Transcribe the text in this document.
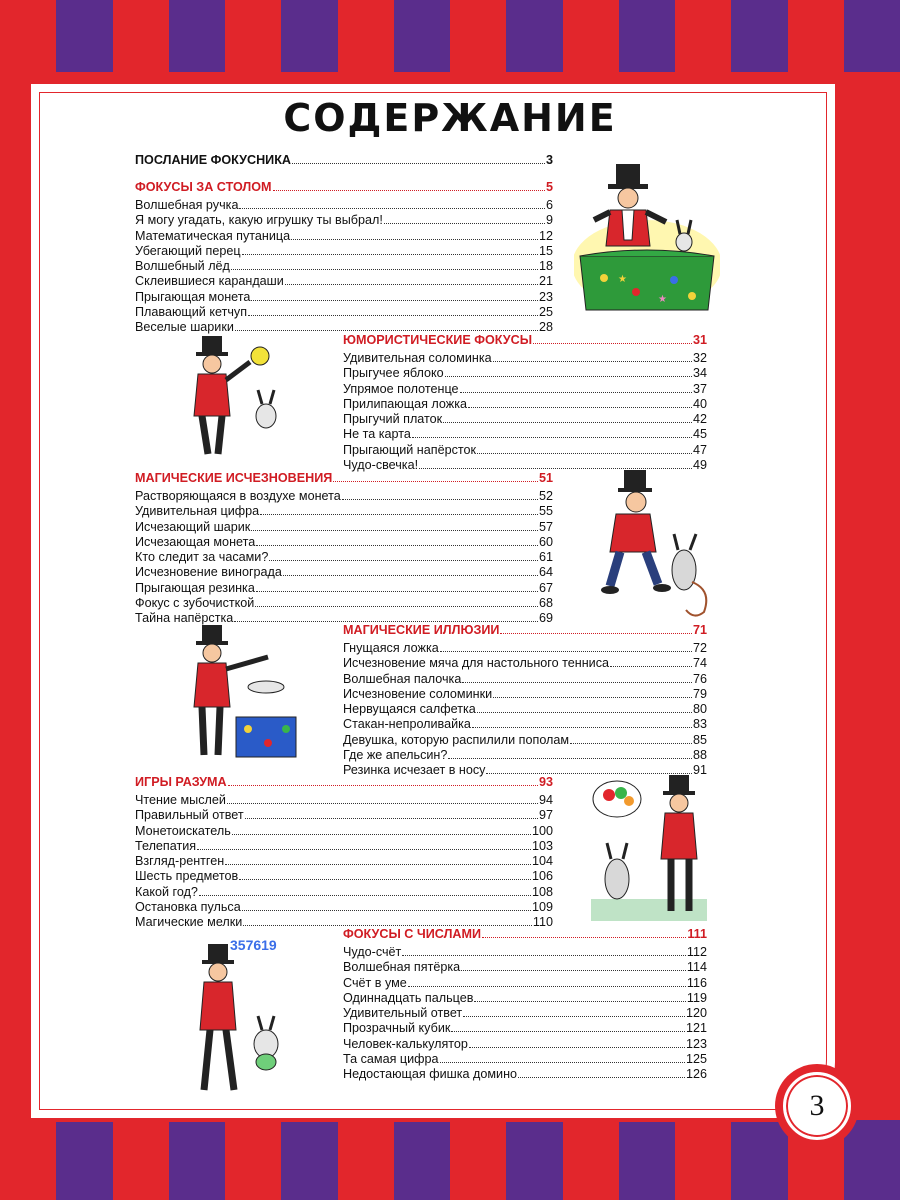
СОДЕРЖАНИЕ
ПОСЛАНИЕ ФОКУСНИКА	3
ФОКУСЫ ЗА СТОЛОМ	5
Волшебная ручка	6
Я могу угадать, какую игрушку ты выбрал!	9
Математическая путаница	12
Убегающий перец	15
Волшебный лёд	18
Склеившиеся карандаши	21
Прыгающая монета	23
Плавающий кетчуп	25
Веселые шарики	28
ЮМОРИСТИЧЕСКИЕ ФОКУСЫ	31
Удивительная соломинка	32
Прыгучее яблоко	34
Упрямое полотенце	37
Прилипающая ложка	40
Прыгучий платок	42
Не та карта	45
Прыгающий напёрсток	47
Чудо-свечка!	49
МАГИЧЕСКИЕ ИСЧЕЗНОВЕНИЯ	51
Растворяющаяся в воздухе монета	52
Удивительная цифра	55
Исчезающий шарик	57
Исчезающая монета	60
Кто следит за часами?	61
Исчезновение винограда	64
Прыгающая резинка	67
Фокус с зубочисткой	68
Тайна напёрстка	69
МАГИЧЕСКИЕ ИЛЛЮЗИИ	71
Гнущаяся ложка	72
Исчезновение мяча для настольного тенниса	74
Волшебная палочка	76
Исчезновение соломинки	79
Нервущаяся салфетка	80
Стакан-непроливайка	83
Девушка, которую распилили пополам	85
Где же апельсин?	88
Резинка исчезает в носу	91
ИГРЫ РАЗУМА	93
Чтение мыслей	94
Правильный ответ	97
Монетоискатель	100
Телепатия	103
Взгляд-рентген	104
Шесть предметов	106
Какой год?	108
Остановка пульса	109
Магические мелки	110
ФОКУСЫ С ЧИСЛАМИ	111
Чудо-счёт	112
Волшебная пятёрка	114
Счёт в уме	116
Одиннадцать пальцев	119
Удивительный ответ	120
Прозрачный кубик	121
Человек-калькулятор	123
Та самая цифра	125
Недостающая фишка домино	126
★
★
357619
3
